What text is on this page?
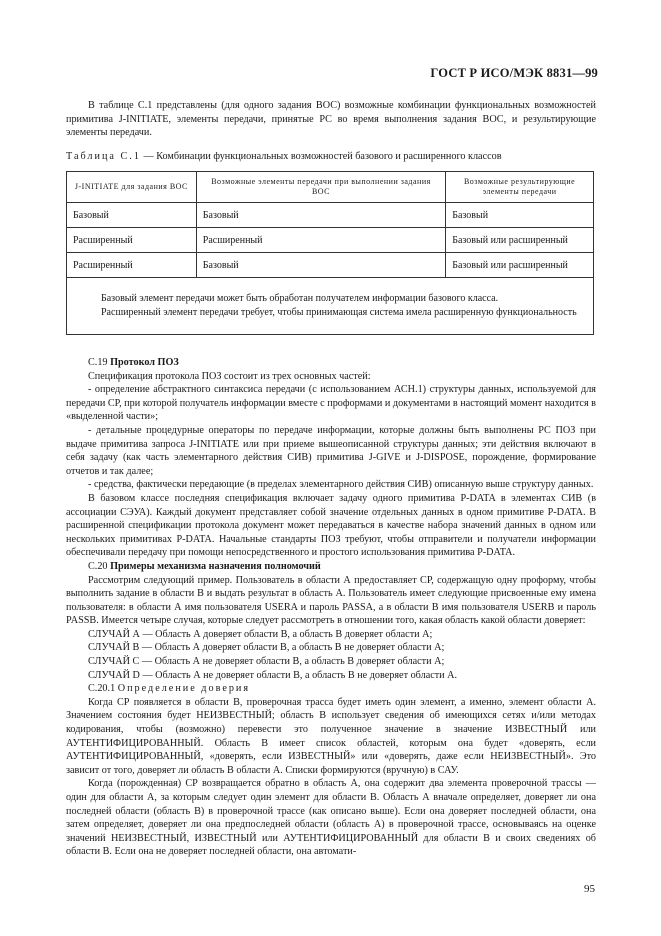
ГОСТ Р ИСО/МЭК 8831—99

В таблице С.1 представлены (для одного задания ВОС) возможные комбинации функциональных возможностей примитива J-INITIATE, элементы передачи, принятые РС во время выполнения задания ВОС, и результирующие элементы передачи.

Таблица С.1 — Комбинации функциональных возможностей базового и расширенного классов
J-INITIATE для задания ВОС	Возможные элементы передачи при выполнении задания ВОС	Возможные результирующие элементы передачи
Базовый	Базовый	Базовый
Расширенный	Расширенный	Базовый или расширенный
Расширенный	Базовый	Базовый или расширенный

Базовый элемент передачи может быть обработан получателем информации базового класса.

Расширенный элемент передачи требует, чтобы принимающая система имела расширенную функциональность		

С.19 Протокол ПОЗ

Спецификация протокола ПОЗ состоит из трех основных частей:

- определение абстрактного синтаксиса передачи (с использованием АСН.1) структуры данных, используемой для передачи СР, при которой получатель информации вместе с проформами и документами в настоящий момент находится в «выделенной части»;

- детальные процедурные операторы по передаче информации, которые должны быть выполнены РС ПОЗ при выдаче примитива запроса J-INITIATE или при приеме вышеописанной структуры данных; эти действия включают в себя задачу (как часть элементарного действия СИВ) примитива J-GIVE и J-DISPOSE, порождение, формирование отчетов и так далее;

- средства, фактически передающие (в пределах элементарного действия СИВ) описанную выше структуру данных.

В базовом классе последняя спецификация включает задачу одного примитива P-DATA в элементах СИВ (в ассоциации СЭУА). Каждый документ представляет собой значение отдельных данных в одном примитиве P-DATA. В расширенной спецификации протокола документ может передаваться в качестве набора значений данных в одном или нескольких примитивах P-DATA. Начальные стандарты ПОЗ требуют, чтобы отправители и получатели информации обеспечивали передачу при помощи непосредственного и простого использования примитива P-DATA.

С.20 Примеры механизма назначения полномочий

Рассмотрим следующий пример. Пользователь в области А предоставляет СР, содержащую одну проформу, чтобы выполнить задание в области В и выдать результат в область А. Пользователь имеет следующие присвоенные ему имена пользователя: в области А имя пользователя USERA и пароль PASSA, а в области В имя пользователя USERB и пароль PASSB. Имеется четыре случая, которые следует рассмотреть в отношении того, какая область какой области доверяет:

СЛУЧАЙ А — Область А доверяет области В, а область В доверяет области А;

СЛУЧАЙ В — Область А доверяет области В, а область В не доверяет области А;

СЛУЧАЙ С — Область А не доверяет области В, а область В доверяет области А;

СЛУЧАЙ D — Область А не доверяет области В, а область В не доверяет области А.

С.20.1 Определение доверия

Когда СР появляется в области В, проверочная трасса будет иметь один элемент, а именно, элемент области А. Значением состояния будет НЕИЗВЕСТНЫЙ; область В использует сведения об имеющихся сетях и/или методах кодирования, чтобы (возможно) перевести это полученное значение в значение ИЗВЕСТНЫЙ или АУТЕНТИФИЦИРОВАННЫЙ. Область В имеет список областей, которым она будет «доверять, если АУТЕНТИФИЦИРОВАННЫЙ, «доверять, если ИЗВЕСТНЫЙ» или «доверять, даже если НЕИЗВЕСТНЫЙ». Это зависит от того, доверяет ли область В области А. Списки формируются (вручную) в САУ.

Когда (порожденная) СР возвращается обратно в область А, она содержит два элемента проверочной трассы — один для области А, за которым следует один элемент для области В. Область А вначале определяет, доверяет ли она последней области (область В) в проверочной трассе (как описано выше). Если она доверяет последней области, она затем определяет, доверяет ли она предпоследней области (область А) в проверочной трассе, основываясь на оценке значений НЕИЗВЕСТНЫЙ, ИЗВЕСТНЫЙ или АУТЕНТИФИЦИРОВАННЫЙ для области В и своих сведениях об области В. Если она не доверяет последней области, она автомати-

95
